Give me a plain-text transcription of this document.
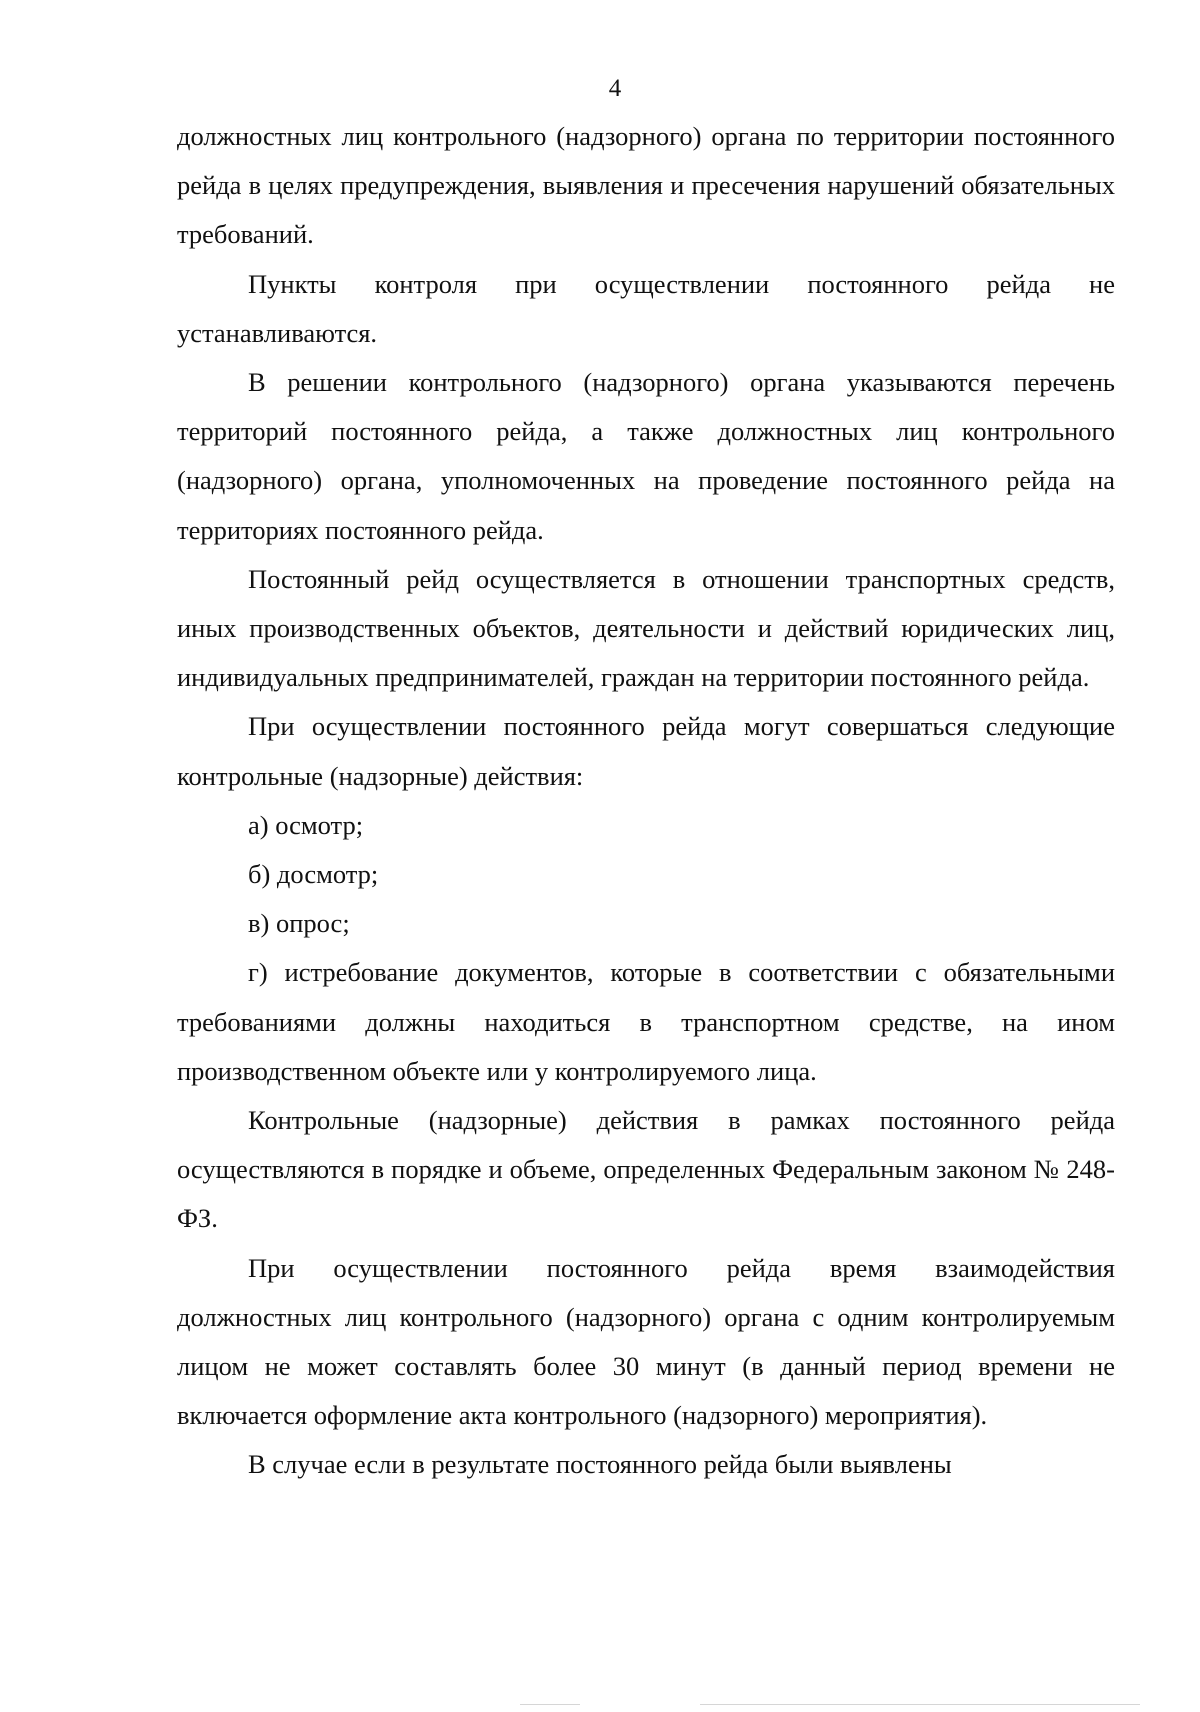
4

должностных лиц контрольного (надзорного) органа по территории постоянного рейда в целях предупреждения, выявления и пресечения нарушений обязательных требований.

Пункты контроля при осуществлении постоянного рейда не устанавливаются.

В решении контрольного (надзорного) органа указываются перечень территорий постоянного рейда, а также должностных лиц контрольного (надзорного) органа, уполномоченных на проведение постоянного рейда на территориях постоянного рейда.

Постоянный рейд осуществляется в отношении транспортных средств, иных производственных объектов, деятельности и действий юридических лиц, индивидуальных предпринимателей, граждан на территории постоянного рейда.

При осуществлении постоянного рейда могут совершаться следующие контрольные (надзорные) действия:

а) осмотр;

б) досмотр;

в) опрос;

г) истребование документов, которые в соответствии с обязательными требованиями должны находиться в транспортном средстве, на ином производственном объекте или у контролируемого лица.

Контрольные (надзорные) действия в рамках постоянного рейда осуществляются в порядке и объеме, определенных Федеральным законом № 248-ФЗ.

При осуществлении постоянного рейда время взаимодействия должностных лиц контрольного (надзорного) органа с одним контролируемым лицом не может составлять более 30 минут (в данный период времени не включается оформление акта контрольного (надзорного) мероприятия).

В случае если в результате постоянного рейда были выявлены
